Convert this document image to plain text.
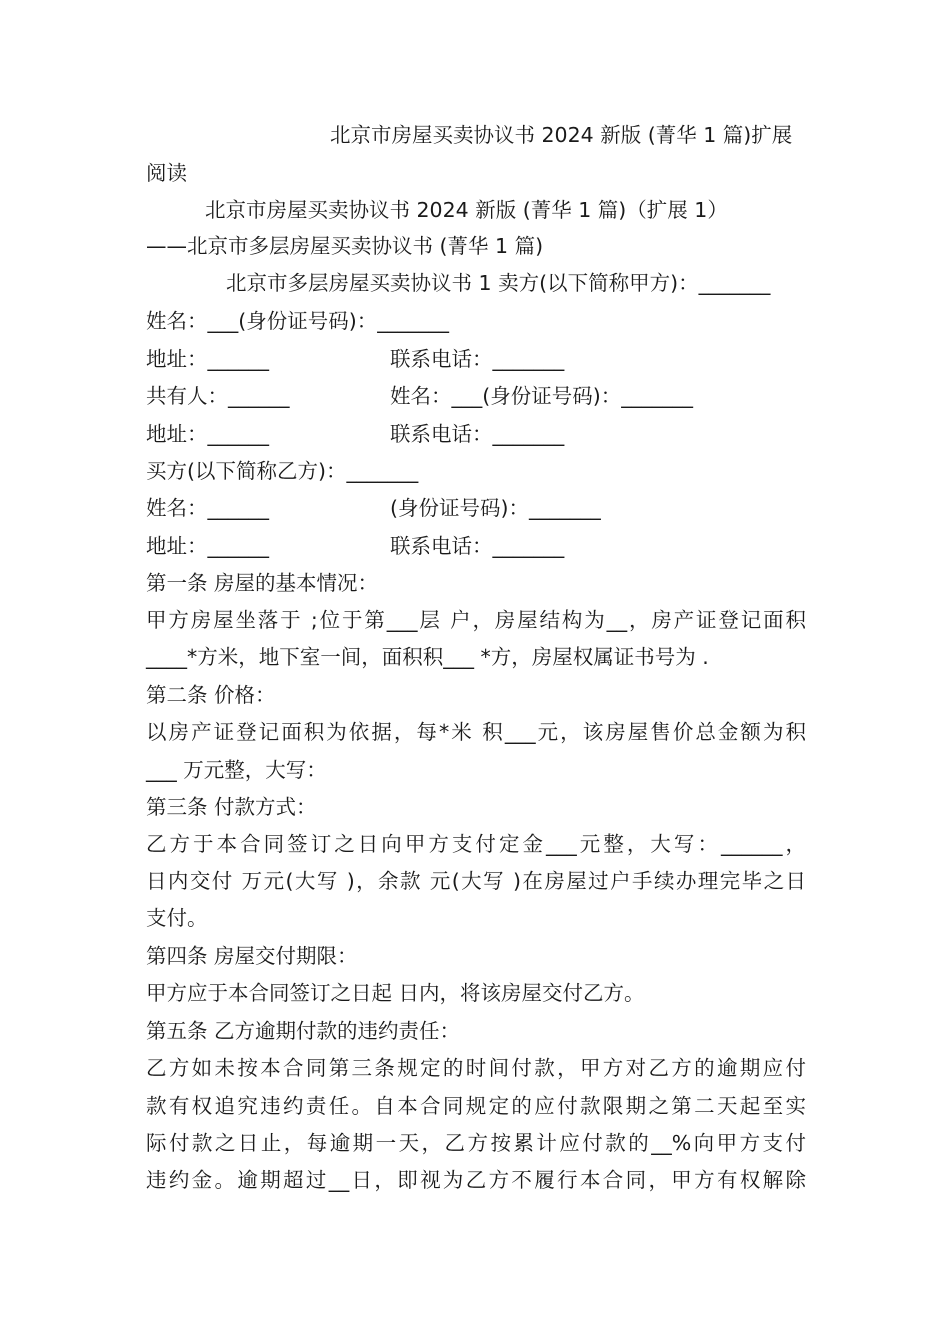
北京市房屋买卖协议书 2024 新版 (菁华 1 篇)扩展
阅读
北京市房屋买卖协议书 2024 新版 (菁华 1 篇)（扩展 1）
——北京市多层房屋买卖协议书 (菁华 1 篇)
北京市多层房屋买卖协议书 1 卖方(以下简称甲方)：_______
姓名：___(身份证号码)：_______
地址：______	联系电话：_______
共有人：______	姓名：___(身份证号码)：_______
地址：______	联系电话：_______
买方(以下简称乙方)：_______
姓名：______	(身份证号码)：_______
地址：______	联系电话：_______
第一条 房屋的基本情况：
甲方房屋坐落于 ;位于第___层 户，房屋结构为__，房产证登记面积
____*方米，地下室一间，面积积___ *方，房屋权属证书号为 .
第二条 价格：
以房产证登记面积为依据，每*米 积___元，该房屋售价总金额为积
___ 万元整，大写：
第三条 付款方式：
乙方于本合同签订之日向甲方支付定金___元整，大写：______，
日内交付 万元(大写 )，余款 元(大写 )在房屋过户手续办理完毕之日
支付。
第四条 房屋交付期限：
甲方应于本合同签订之日起 日内，将该房屋交付乙方。
第五条 乙方逾期付款的违约责任：
乙方如未按本合同第三条规定的时间付款，甲方对乙方的逾期应付
款有权追究违约责任。自本合同规定的应付款限期之第二天起至实
际付款之日止，每逾期一天，乙方按累计应付款的__%向甲方支付
违约金。逾期超过__日，即视为乙方不履行本合同，甲方有权解除
